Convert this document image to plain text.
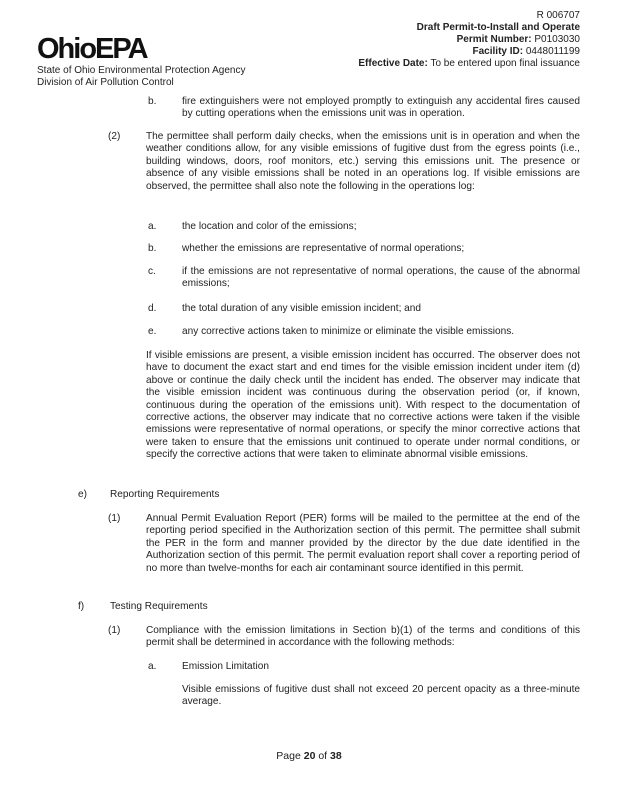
OhioEPA
State of Ohio Environmental Protection Agency
Division of Air Pollution Control
R 006707
Draft Permit-to-Install and Operate
Permit Number: P0103030
Facility ID: 0448011199
Effective Date: To be entered upon final issuance
b.	fire extinguishers were not employed promptly to extinguish any accidental fires caused by cutting operations when the emissions unit was in operation.
(2)	The permittee shall perform daily checks, when the emissions unit is in operation and when the weather conditions allow, for any visible emissions of fugitive dust from the egress points (i.e., building windows, doors, roof monitors, etc.) serving this emissions unit. The presence or absence of any visible emissions shall be noted in an operations log. If visible emissions are observed, the permittee shall also note the following in the operations log:
a.	the location and color of the emissions;
b.	whether the emissions are representative of normal operations;
c.	if the emissions are not representative of normal operations, the cause of the abnormal emissions;
d.	the total duration of any visible emission incident; and
e.	any corrective actions taken to minimize or eliminate the visible emissions.
If visible emissions are present, a visible emission incident has occurred. The observer does not have to document the exact start and end times for the visible emission incident under item (d) above or continue the daily check until the incident has ended. The observer may indicate that the visible emission incident was continuous during the observation period (or, if known, continuous during the operation of the emissions unit). With respect to the documentation of corrective actions, the observer may indicate that no corrective actions were taken if the visible emissions were representative of normal operations, or specify the minor corrective actions that were taken to ensure that the emissions unit continued to operate under normal conditions, or specify the corrective actions that were taken to eliminate abnormal visible emissions.
e) Reporting Requirements
(1)	Annual Permit Evaluation Report (PER) forms will be mailed to the permittee at the end of the reporting period specified in the Authorization section of this permit. The permittee shall submit the PER in the form and manner provided by the director by the due date identified in the Authorization section of this permit. The permit evaluation report shall cover a reporting period of no more than twelve-months for each air contaminant source identified in this permit.
f)	Testing Requirements
(1)	Compliance with the emission limitations in Section b)(1) of the terms and conditions of this permit shall be determined in accordance with the following methods:
a.	Emission Limitation
Visible emissions of fugitive dust shall not exceed 20 percent opacity as a three-minute average.
Page 20 of 38
